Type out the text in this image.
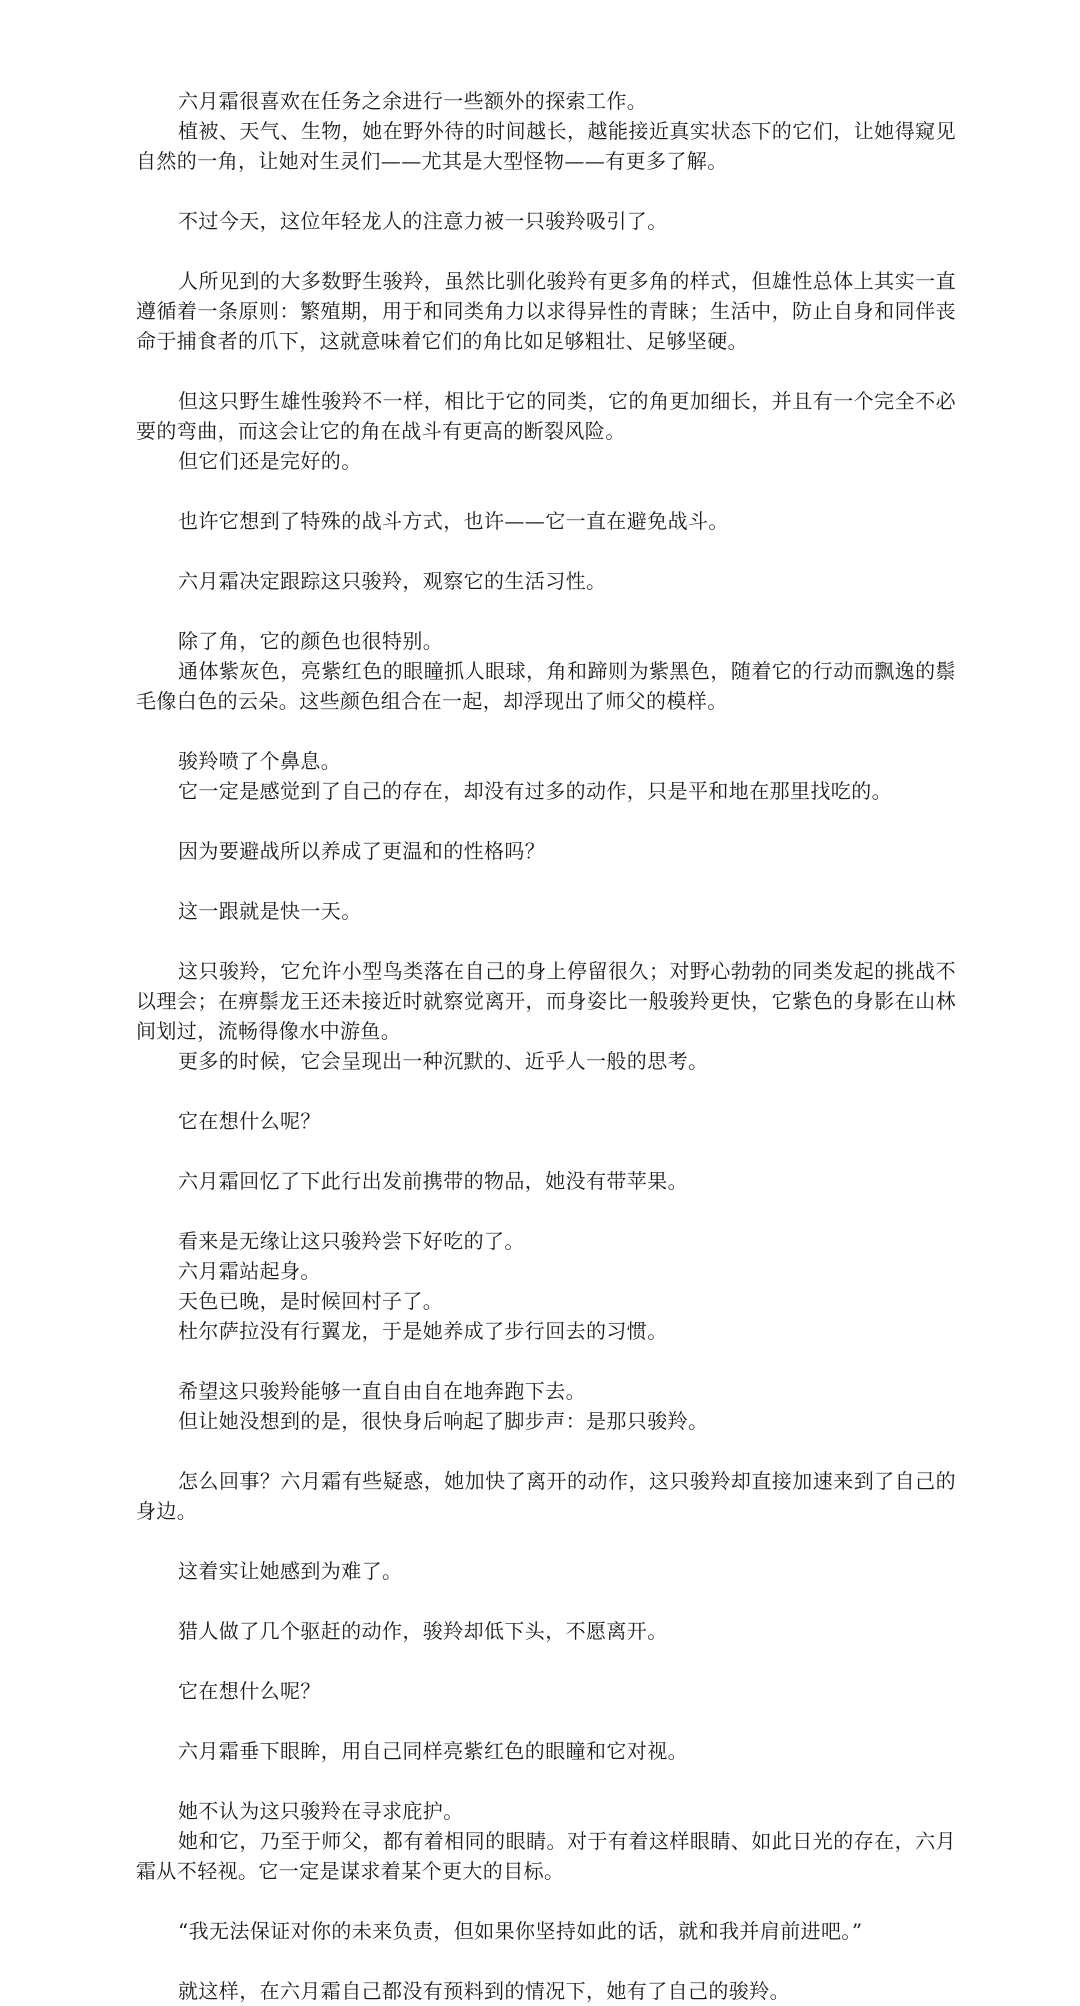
六月霜很喜欢在任务之余进行一些额外的探索工作。

植被、天气、生物，她在野外待的时间越长，越能接近真实状态下的它们，让她得窥见自然的一角，让她对生灵们——尤其是大型怪物——有更多了解。

不过今天，这位年轻龙人的注意力被一只骏羚吸引了。

人所见到的大多数野生骏羚，虽然比驯化骏羚有更多角的样式，但雄性总体上其实一直遵循着一条原则：繁殖期，用于和同类角力以求得异性的青睐；生活中，防止自身和同伴丧命于捕食者的爪下，这就意味着它们的角比如足够粗壮、足够坚硬。

但这只野生雄性骏羚不一样，相比于它的同类，它的角更加细长，并且有一个完全不必要的弯曲，而这会让它的角在战斗有更高的断裂风险。

但它们还是完好的。

也许它想到了特殊的战斗方式，也许——它一直在避免战斗。

六月霜决定跟踪这只骏羚，观察它的生活习性。

除了角，它的颜色也很特别。

通体紫灰色，亮紫红色的眼瞳抓人眼球，角和蹄则为紫黑色，随着它的行动而飘逸的鬃毛像白色的云朵。这些颜色组合在一起，却浮现出了师父的模样。

骏羚喷了个鼻息。

它一定是感觉到了自己的存在，却没有过多的动作，只是平和地在那里找吃的。

因为要避战所以养成了更温和的性格吗？

这一跟就是快一天。

这只骏羚，它允许小型鸟类落在自己的身上停留很久；对野心勃勃的同类发起的挑战不以理会；在痹鬃龙王还未接近时就察觉离开，而身姿比一般骏羚更快，它紫色的身影在山林间划过，流畅得像水中游鱼。

更多的时候，它会呈现出一种沉默的、近乎人一般的思考。

它在想什么呢？

六月霜回忆了下此行出发前携带的物品，她没有带苹果。

看来是无缘让这只骏羚尝下好吃的了。

六月霜站起身。

天色已晚，是时候回村子了。

杜尔萨拉没有行翼龙，于是她养成了步行回去的习惯。

希望这只骏羚能够一直自由自在地奔跑下去。

但让她没想到的是，很快身后响起了脚步声：是那只骏羚。

怎么回事？六月霜有些疑惑，她加快了离开的动作，这只骏羚却直接加速来到了自己的身边。

这着实让她感到为难了。

猎人做了几个驱赶的动作，骏羚却低下头，不愿离开。

它在想什么呢？

六月霜垂下眼眸，用自己同样亮紫红色的眼瞳和它对视。

她不认为这只骏羚在寻求庇护。

她和它，乃至于师父，都有着相同的眼睛。对于有着这样眼睛、如此日光的存在，六月霜从不轻视。它一定是谋求着某个更大的目标。

“我无法保证对你的未来负责，但如果你坚持如此的话，就和我并肩前进吧。”

就这样，在六月霜自己都没有预料到的情况下，她有了自己的骏羚。
